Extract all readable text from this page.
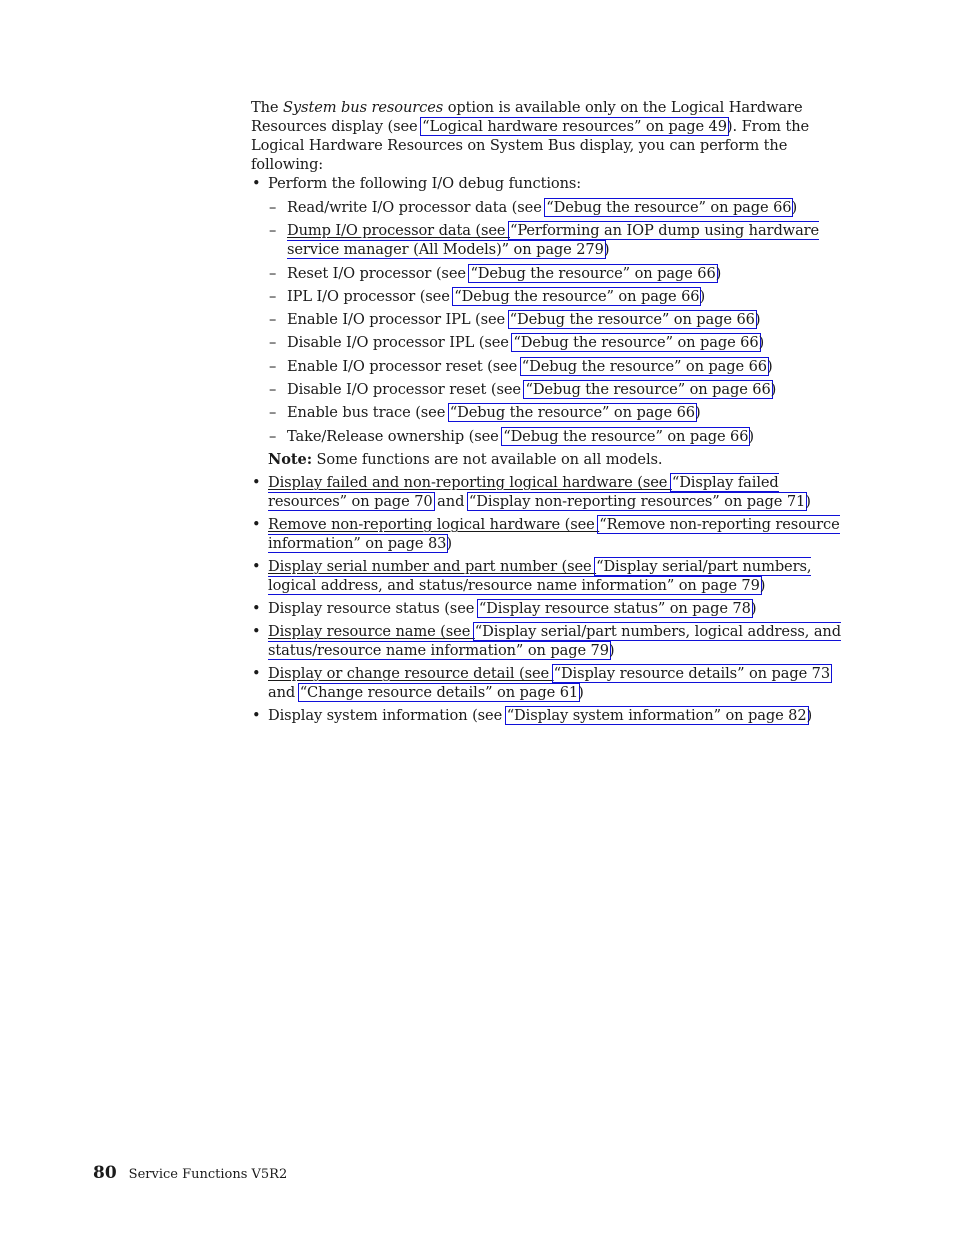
The System bus resources option is available only on the Logical Hardware Resources display (see “Logical hardware resources” on page 49). From the Logical Hardware Resources on System Bus display, you can perform the following:

• Perform the following I/O debug functions:
– Read/write I/O processor data (see “Debug the resource” on page 66)
– Dump I/O processor data (see “Performing an IOP dump using hardware service manager (All Models)” on page 279)
– Reset I/O processor (see “Debug the resource” on page 66)
– IPL I/O processor (see “Debug the resource” on page 66)
– Enable I/O processor IPL (see “Debug the resource” on page 66)
– Disable I/O processor IPL (see “Debug the resource” on page 66)
– Enable I/O processor reset (see “Debug the resource” on page 66)
– Disable I/O processor reset (see “Debug the resource” on page 66)
– Enable bus trace (see “Debug the resource” on page 66)
– Take/Release ownership (see “Debug the resource” on page 66)

Note: Some functions are not available on all models.

• Display failed and non-reporting logical hardware (see “Display failed resources” on page 70 and “Display non-reporting resources” on page 71)
• Remove non-reporting logical hardware (see “Remove non-reporting resource information” on page 83)
• Display serial number and part number (see “Display serial/part numbers, logical address, and status/resource name information” on page 79)
• Display resource status (see “Display resource status” on page 78)
• Display resource name (see “Display serial/part numbers, logical address, and status/resource name information” on page 79)
• Display or change resource detail (see “Display resource details” on page 73 and “Change resource details” on page 61)
• Display system information (see “Display system information” on page 82)
80 Service Functions V5R2
